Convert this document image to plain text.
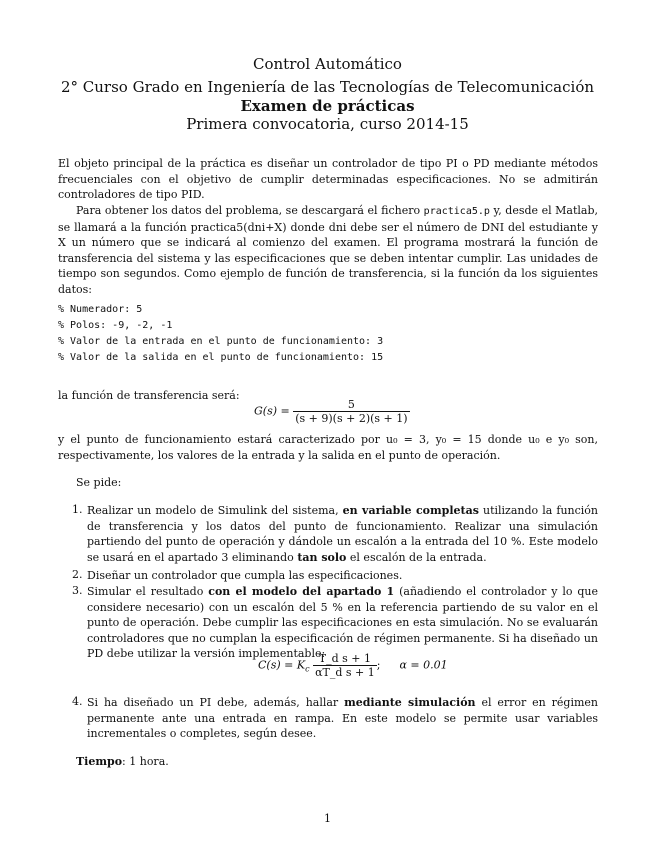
Control Automático
2° Curso Grado en Ingeniería de las Tecnologías de Telecomunicación
Examen de prácticas
Primera convocatoria, curso 2014-15
El objeto principal de la práctica es diseñar un controlador de tipo PI o PD mediante métodos frecuenciales con el objetivo de cumplir determinadas especificaciones. No se admitirán controladores de tipo PID.
Para obtener los datos del problema, se descargará el fichero practica5.p y, desde el Matlab, se llamará a la función practica5(dni+X) donde dni debe ser el número de DNI del estudiante y X un número que se indicará al comienzo del examen. El programa mostrará la función de transferencia del sistema y las especificaciones que se deben intentar cumplir. Las unidades de tiempo son segundos. Como ejemplo de función de transferencia, si la función da los siguientes datos:
% Numerador: 5
% Polos: -9, -2, -1
% Valor de la entrada en el punto de funcionamiento: 3
% Valor de la salida en el punto de funcionamiento: 15
la función de transferencia será:
$G(s) = \frac{5}{(s + 9)(s + 2)(s + 1)}$
y el punto de funcionamiento estará caracterizado por u₀ = 3, y₀ = 15 donde u₀ e y₀ son, respectivamente, los valores de la entrada y la salida en el punto de operación.
Se pide:
1. Realizar un modelo de Simulink del sistema, en variable completas utilizando la función de transferencia y los datos del punto de funcionamiento. Realizar una simulación partiendo del punto de operación y dándole un escalón a la entrada del 10 %. Este modelo se usará en el apartado 3 eliminando tan solo el escalón de la entrada.
2. Diseñar un controlador que cumpla las especificaciones.
3. Simular el resultado con el modelo del apartado 1 (añadiendo el controlador y lo que considere necesario) con un escalón del 5 % en la referencia partiendo de su valor en el punto de operación. Debe cumplir las especificaciones en esta simulación. No se evaluarán controladores que no cumplan la especificación de régimen permanente. Si ha diseñado un PD debe utilizar la versión implementable:
$C(s) = K_c \frac{\text{T\_d s + 1}}{\text{αT\_d s + 1}}$ ;  α = 0.01
4. Si ha diseñado un PI debe, además, hallar mediante simulación el error en régimen permanente ante una entrada en rampa. En este modelo se permite usar variables incrementales o completes, según desee.
Tiempo: 1 hora.
1
